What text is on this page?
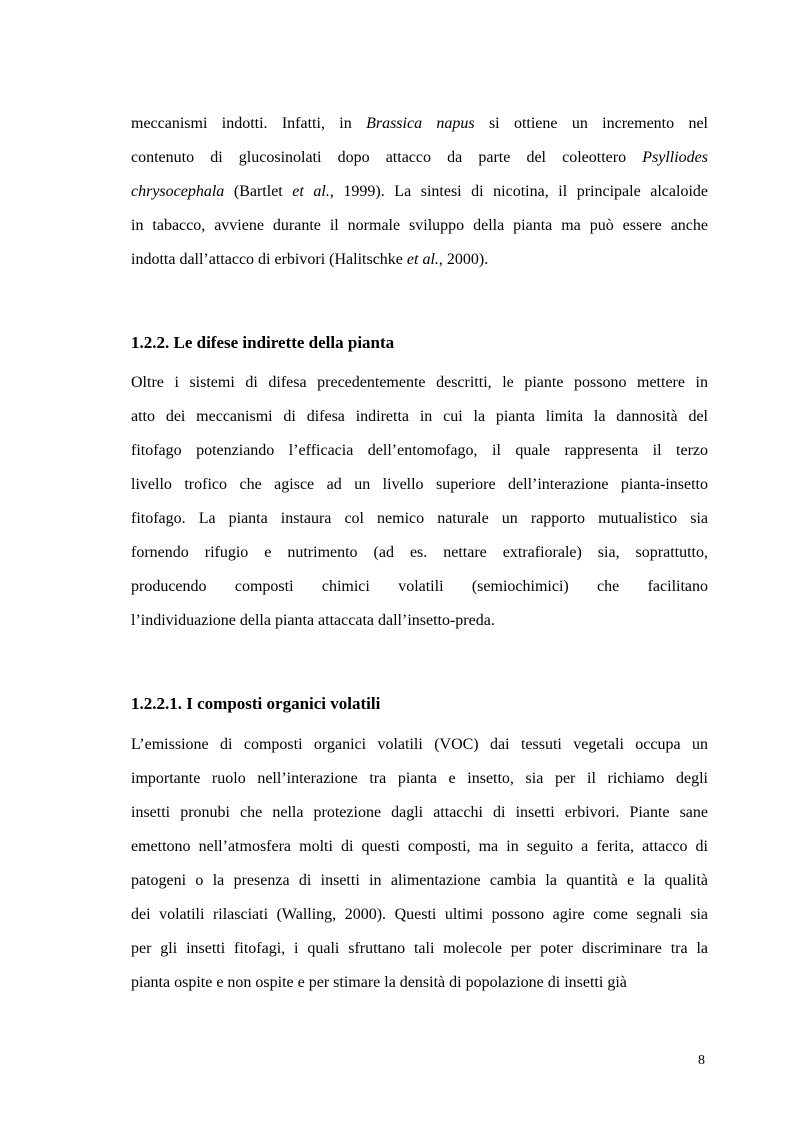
meccanismi indotti. Infatti, in Brassica napus si ottiene un incremento nel
contenuto di glucosinolati dopo attacco da parte del coleottero Psylliodes
chrysocephala (Bartlet et al., 1999). La sintesi di nicotina, il principale alcaloide
in tabacco, avviene durante il normale sviluppo della pianta ma può essere anche
indotta dall’attacco di erbivori (Halitschke et al., 2000).
1.2.2. Le difese indirette della pianta
Oltre i sistemi di difesa precedentemente descritti, le piante possono mettere in
atto dei meccanismi di difesa indiretta in cui la pianta limita la dannosità del
fitofago potenziando l’efficacia dell’entomofago, il quale rappresenta il terzo
livello trofico che agisce ad un livello superiore dell’interazione pianta-insetto
fitofago. La pianta instaura col nemico naturale un rapporto mutualistico sia
fornendo rifugio e nutrimento (ad es. nettare extrafiorale) sia, soprattutto,
producendo composti chimici volatili (semiochimici) che facilitano
l’individuazione della pianta attaccata dall’insetto-preda.
1.2.2.1. I composti organici volatili
L’emissione di composti organici volatili (VOC) dai tessuti vegetali occupa un
importante ruolo nell’interazione tra pianta e insetto, sia per il richiamo degli
insetti pronubi che nella protezione dagli attacchi di insetti erbivori. Piante sane
emettono nell’atmosfera molti di questi composti, ma in seguito a ferita, attacco di
patogeni o la presenza di insetti in alimentazione cambia la quantità e la qualità
dei volatili rilasciati (Walling, 2000). Questi ultimi possono agire come segnali sia
per gli insetti fitofagi, i quali sfruttano tali molecole per poter discriminare tra la
pianta ospite e non ospite e per stimare la densità di popolazione di insetti già
8
